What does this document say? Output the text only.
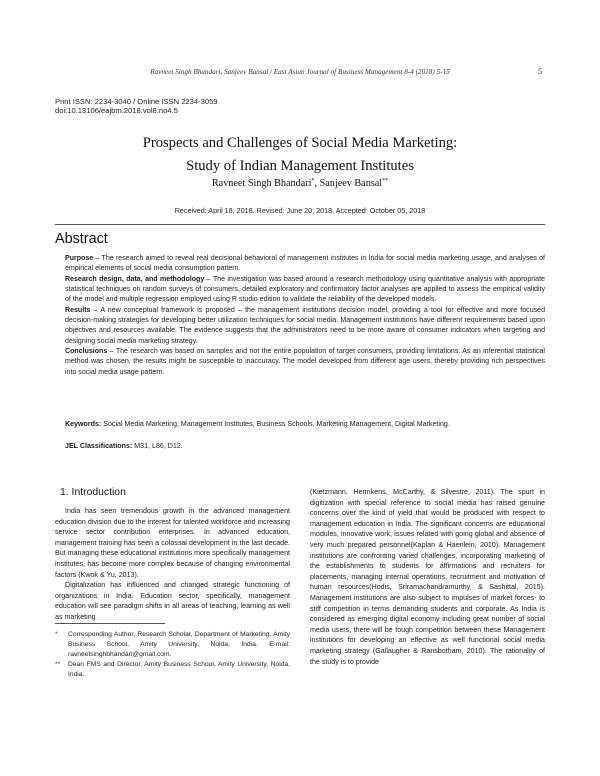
Ravneet Singh Bhandari, Sanjeev Bansal / East Asian Journal of Business Management 8-4 (2018) 5-15	5
Print ISSN: 2234-3040 / Online ISSN 2234-3059
doi:10.13106/eajbm.2018.vol8.no4.5
Prospects and Challenges of Social Media Marketing:
Study of Indian Management Institutes
Ravneet Singh Bhandari*, Sanjeev Bansal**
Received: April 18, 2018. Revised: June 20, 2018. Accepted: October 05, 2018
Abstract

Purpose – The research aimed to reveal real decisional behavioral of management institutes in India for social media marketing usage, and analyses of empirical elements of social media consumption pattern.

Research design, data, and methodology – The investigation was based around a research methodology using quantitative analysis with appropriate statistical techniques on random surveys of consumers, detailed exploratory and confirmatory factor analyses are applied to assess the empirical validity of the model and multiple regression employed using R studio edition to validate the reliability of the developed models.

Results – A new conceptual framework is proposed – the management institutions decision model, providing a tool for effective and more focused decision-making strategies for developing better utilization techniques for social media. Management institutions have different requirements based upon objectives and resources available. The evidence suggests that the administrators need to be more aware of consumer indicators when targeting and designing social media marketing strategy.

Conclusions – The research was based on samples and not the entire population of target consumers, providing limitations. As an inferential statistical method was chosen, the results might be susceptible to inaccuracy. The model developed from different age users, thereby providing rich perspectives into social media usage pattern.

Keywords: Social Media Marketing, Management Institutes, Business Schools, Marketing Management, Digital Marketing.
JEL Classifications: M31, L86, D12.
1. Introduction

India has seen tremendous growth in the advanced management education division due to the interest for talented workforce and increasing service sector contribution enterprises. In advanced education, management training has seen a colossal development in the last decade. But managing these educational institutions more specifically management institutes, has become more complex because of changing environmental factors (Kwok & Yu, 2013).

Digitalization has influenced and changed strategic functioning of organizations in India. Education sector, specifically, management education will see paradigm shifts in all areas of teaching, learning as well as marketing

(Kietzmann, Hermkens, McCarthy, & Silvestre, 2011). The spurt in digitization with special reference to social media has raised genuine concerns over the kind of yield that would be produced with respect to management education in India. The significant concerns are educational modules, innovative work, issues related with going global and absence of very much prepared personnel(Kaplan & Haenlein, 2010). Management institutions are confronting varied challenges, incorporating marketing of the establishments to students for affirmations and recruiters for placements, managing internal operations, recruitment and motivation of human resources(Hodis, Sriramachandramurthy, & Sashittal, 2015). Management institutions are also subject to impulses of market forces- to stiff competition in terms demanding students and corporate. As India is considered as emerging digital economy including great number of social media users, there will be tough competition between these Management institutions for developing an effective as well functional social media marketing strategy (Gallaugher & Ransbotham, 2010). The rationality of the study is to provide

*	Corresponding Author, Research Scholar, Department of Marketing, Amity Business School, Amity University, Noida, India. E-mail: ravneetsinghbhandari@gmail.com.
**	Dean FMS and Director, Amity Business School, Amity University, Noida, India.
